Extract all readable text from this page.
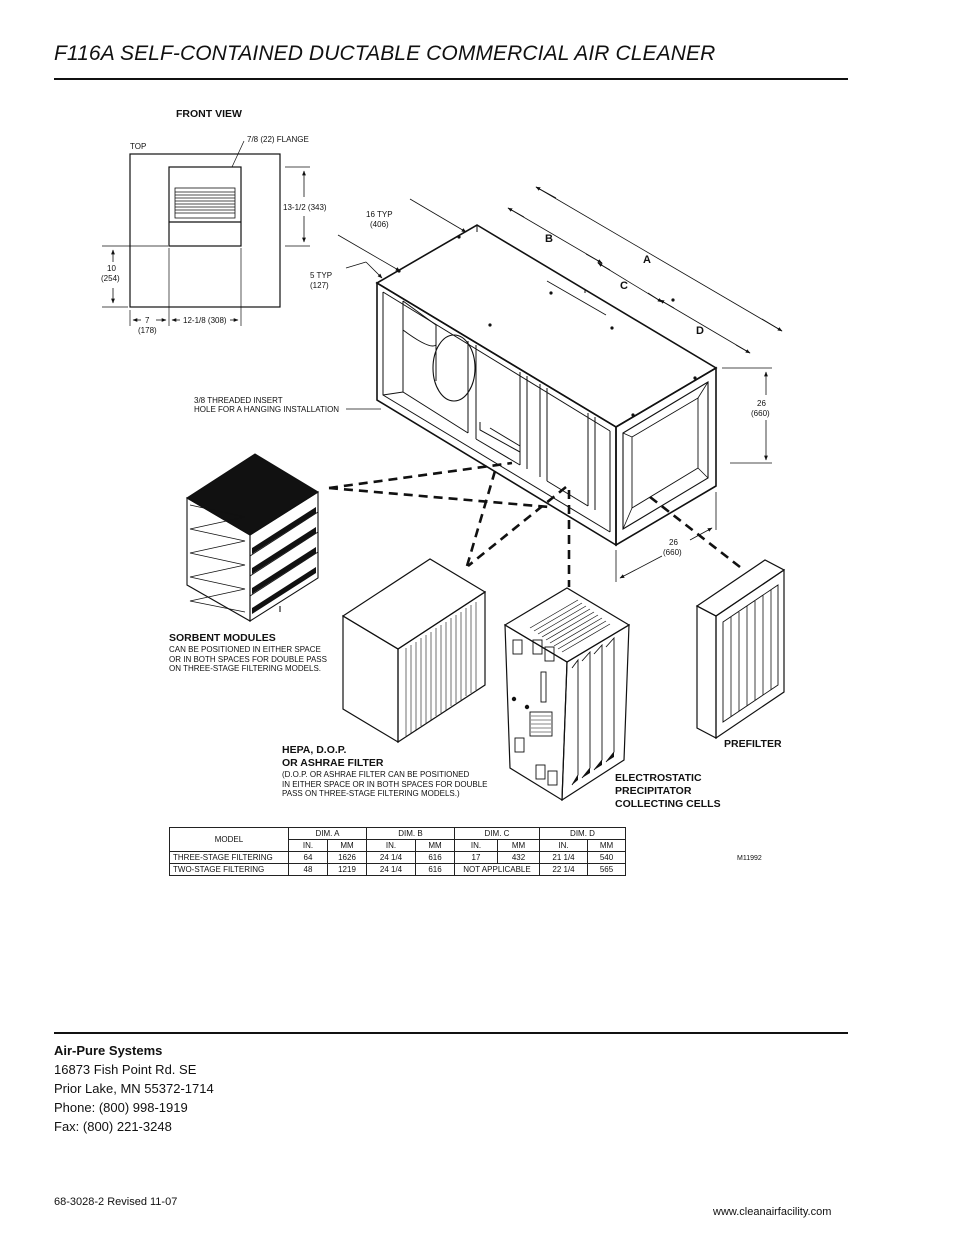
F116A SELF-CONTAINED DUCTABLE COMMERCIAL AIR CLEANER
FRONT VIEW
TOP
7/8 (22) FLANGE
13-1/2 (343)
10
(254)
7
(178)
12-1/8 (308)
16 TYP
(406)
5 TYP
(127)
A
B
C
D
26
(660)
26
(660)
3/8 THREADED INSERT
HOLE FOR A HANGING INSTALLATION
SORBENT MODULES
CAN BE POSITIONED IN EITHER SPACE
OR IN BOTH SPACES FOR DOUBLE PASS
ON THREE-STAGE FILTERING MODELS.
HEPA, D.O.P.
OR ASHRAE FILTER
(D.O.P. OR ASHRAE FILTER CAN BE POSITIONED
IN EITHER SPACE OR IN BOTH SPACES FOR DOUBLE
PASS ON THREE-STAGE FILTERING MODELS.)
ELECTROSTATIC
PRECIPITATOR
COLLECTING CELLS
PREFILTER
MODEL	DIM. A		DIM. B		DIM. C		DIM. D	
	IN.	MM	IN.	MM	IN.	MM	IN.	MM
THREE-STAGE FILTERING	64	1626	24 1/4	616	17	432	21 1/4	540
TWO-STAGE FILTERING	48	1219	24 1/4	616	NOT APPLICABLE		22 1/4	565
M11992
Air-Pure Systems
16873 Fish Point Rd. SE
Prior Lake, MN 55372-1714
Phone: (800) 998-1919
Fax: (800) 221-3248
68-3028-2 Revised 11-07
www.cleanairfacility.com
